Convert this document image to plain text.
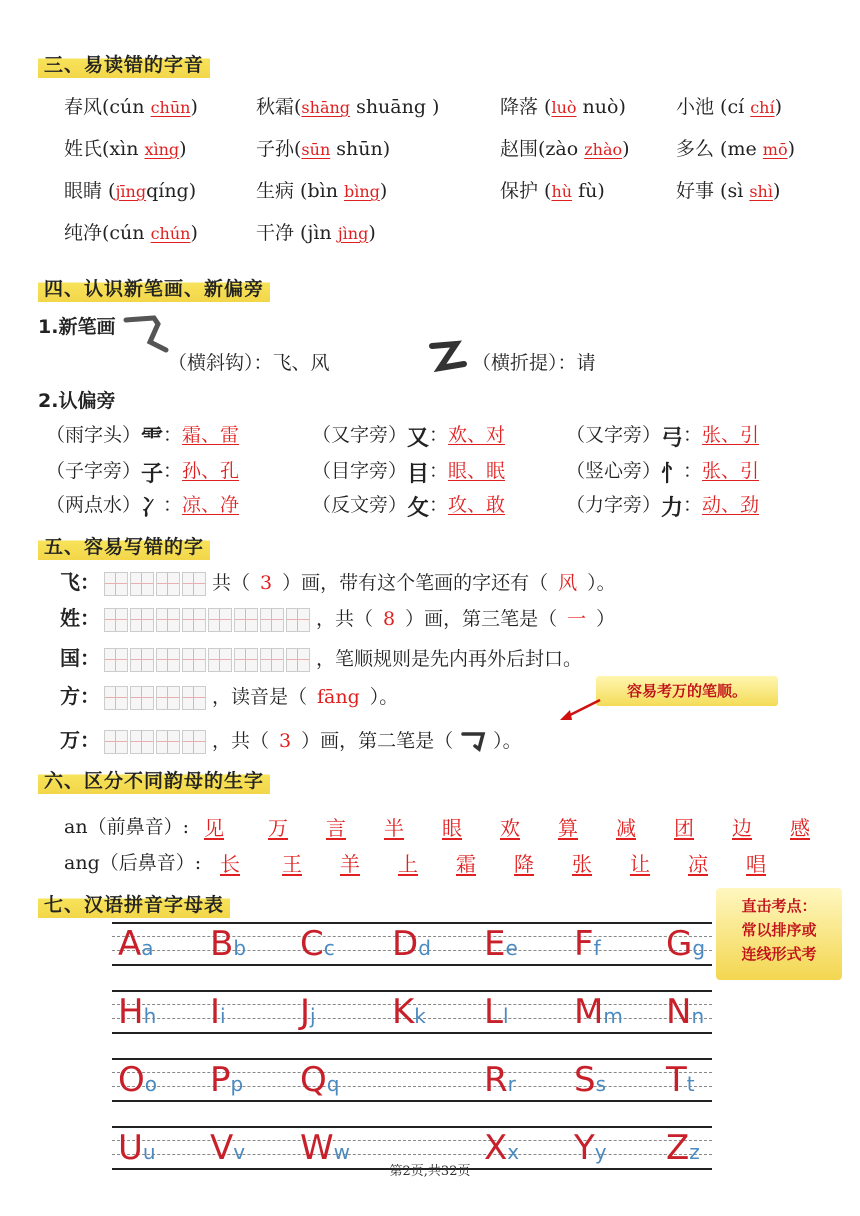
三、易读错的字音
春风(cún chūn)	秋霜(shāng shuāng )	降落 (luò nuò)	小池 (cí chí)
姓氏(xìn xìng)	子孙(sūn shūn)	赵围(zào zhào) 多么 (me mō)
眼睛 (jīngqíng)	生病 (bìn bìng)	保护 (hù fù)	好事 (sì shì)
纯净(cún chún)	干净 (jìn jìng)
四、认识新笔画、新偏旁
1.新笔画
（横斜钩）：飞、风	（横折提）：请
2.认偏旁
（雨字头）⻗：霜、雷	（又字旁）又：欢、对	（又字旁）弓：张、引
（子字旁）子：孙、孔	（目字旁）目：眼、眠	（竖心旁）忄：张、引
（两点水）冫：凉、净	（反文旁）攵：攻、敢	（力字旁）力：动、劲
五、容易写错的字
飞：	共（ 3 ）画，带有这个笔画的字还有（ 风 ）。
姓：	，共（ 8 ）画，第三笔是（ 一 ）
国：	，笔顺规则是先内再外后封口。
方：	，读音是（ fāng ）。
万：	，共（ 3 ）画，第二笔是（ ）。
容易考万的笔顺。
六、区分不同韵母的生字
an（前鼻音）: 见 万 言 半 眼 欢 算 减 团 边 感
ang（后鼻音）: 长 王 羊 上 霜 降 张 让 凉 唱
七、汉语拼音字母表	直击考点：
常以排序或
连线形式考
Aa Bb Cc Dd Ee Ff Gg
Hh Ii Jj Kk Ll Mm Nn
Oo Pp Qq	Rr Ss Tt
Uu Vv Ww	Xx Yy Zz
第2页,共32页
